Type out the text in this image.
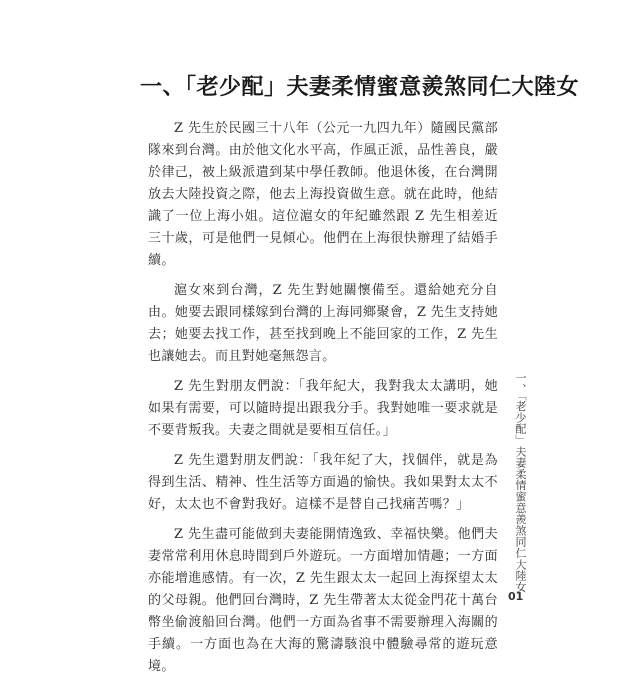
一、「老少配」夫妻柔情蜜意羨煞同仁大陸女

Z 先生於民國三十八年（公元一九四九年）隨國民黨部隊來到台灣。由於他文化水平高，作風正派，品性善良，嚴於律己，被上級派遣到某中學任教師。他退休後，在台灣開放去大陸投資之際，他去上海投資做生意。就在此時，他結識了一位上海小姐。這位滬女的年紀雖然跟 Z 先生相差近三十歲，可是他們一見傾心。他們在上海很快辦理了結婚手續。

滬女來到台灣，Z 先生對她關懷備至。還給她充分自由。她要去跟同樣嫁到台灣的上海同鄉聚會，Z 先生支持她去；她要去找工作，甚至找到晚上不能回家的工作，Z 先生也讓她去。而且對她毫無怨言。

Z 先生對朋友們說：「我年紀大，我對我太太講明，她如果有需要，可以隨時提出跟我分手。我對她唯一要求就是不要背叛我。夫妻之間就是要相互信任。」

Z 先生還對朋友們說：「我年紀了大，找個伴，就是為得到生活、精神、性生活等方面過的愉快。我如果對太太不好，太太也不會對我好。這樣不是替自己找痛苦嗎？」

Z 先生盡可能做到夫妻能開情逸致、幸福快樂。他們夫妻常常利用休息時間到戶外遊玩。一方面增加情趣；一方面亦能增進感情。有一次，Z 先生跟太太一起回上海探望太太的父母親。他們回台灣時，Z 先生帶著太太從金門花十萬台幣坐偷渡船回台灣。他們一方面為省事不需要辦理入海關的手續。一方面也為在大海的驚濤駭浪中體驗尋常的遊玩意境。

一、「老少配」夫妻柔情蜜意羨煞同仁大陸女
01
